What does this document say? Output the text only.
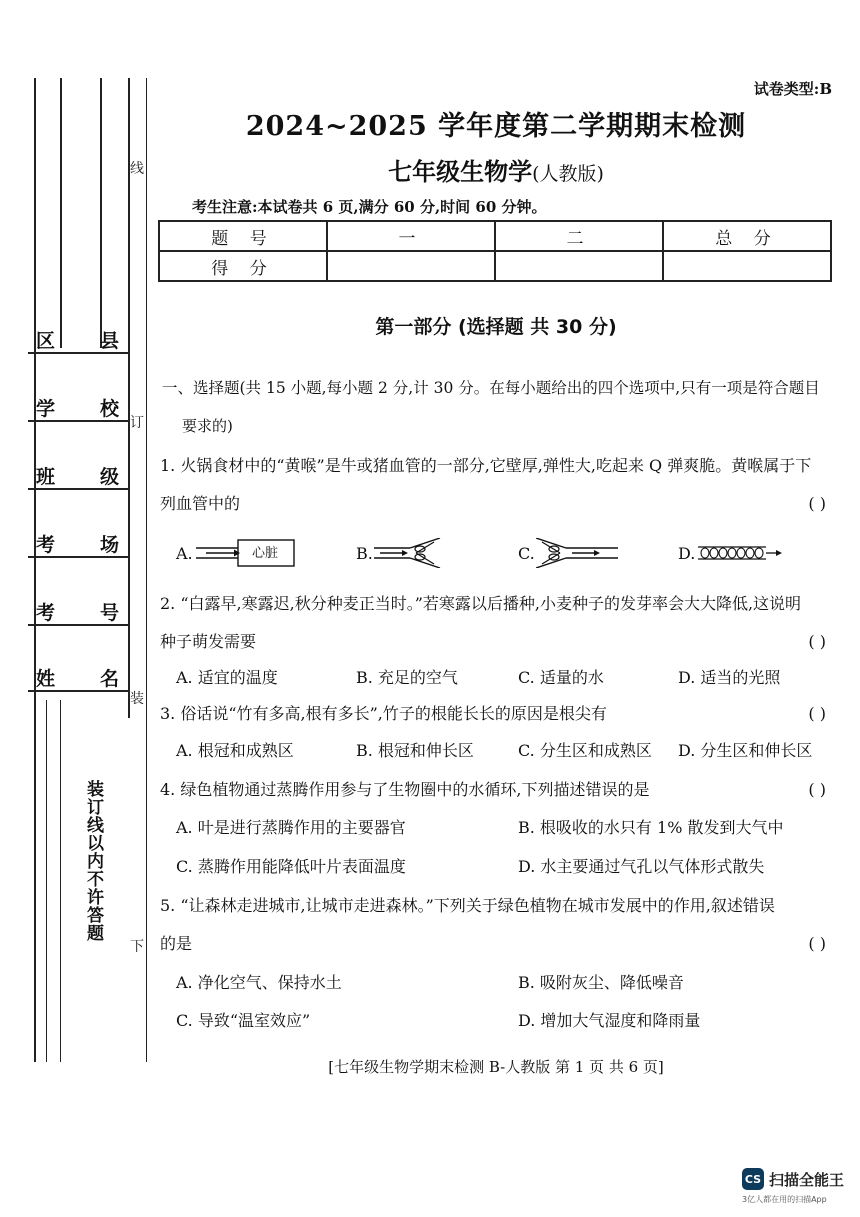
区 县
学 校
班 级
考 场
考 号
姓 名
线
订
装
下
装订线以内不许答题
试卷类型:B
2024~2025 学年度第二学期期末检测
七年级生物学(人教版)
考生注意:本试卷共 6 页,满分 60 分,时间 60 分钟。
题 号	一	二	总 分
得 分			
第一部分 (选择题 共 30 分)
一、选择题(共 15 小题,每小题 2 分,计 30 分。在每小题给出的四个选项中,只有一项是符合题目
要求的)
1. 火锅食材中的“黄喉”是牛或猪血管的一部分,它壁厚,弹性大,吃起来 Q 弹爽脆。黄喉属于下
列血管中的	( )
A.	心脏	B.	C.	D.
2. “白露早,寒露迟,秋分种麦正当时。”若寒露以后播种,小麦种子的发芽率会大大降低,这说明
种子萌发需要	( )
A. 适宜的温度	B. 充足的空气	C. 适量的水	D. 适当的光照
3. 俗话说“竹有多高,根有多长”,竹子的根能长长的原因是根尖有	( )
A. 根冠和成熟区	B. 根冠和伸长区	C. 分生区和成熟区 D. 分生区和伸长区
4. 绿色植物通过蒸腾作用参与了生物圈中的水循环,下列描述错误的是	( )
A. 叶是进行蒸腾作用的主要器官	B. 根吸收的水只有 1% 散发到大气中
C. 蒸腾作用能降低叶片表面温度	D. 水主要通过气孔以气体形式散失
5. “让森林走进城市,让城市走进森林。”下列关于绿色植物在城市发展中的作用,叙述错误
的是	( )
A. 净化空气、保持水土	B. 吸附灰尘、降低噪音
C. 导致“温室效应”	D. 增加大气湿度和降雨量
[七年级生物学期末检测 B-人教版 第 1 页 共 6 页]
CS 扫描全能王
3亿人都在用的扫描App
